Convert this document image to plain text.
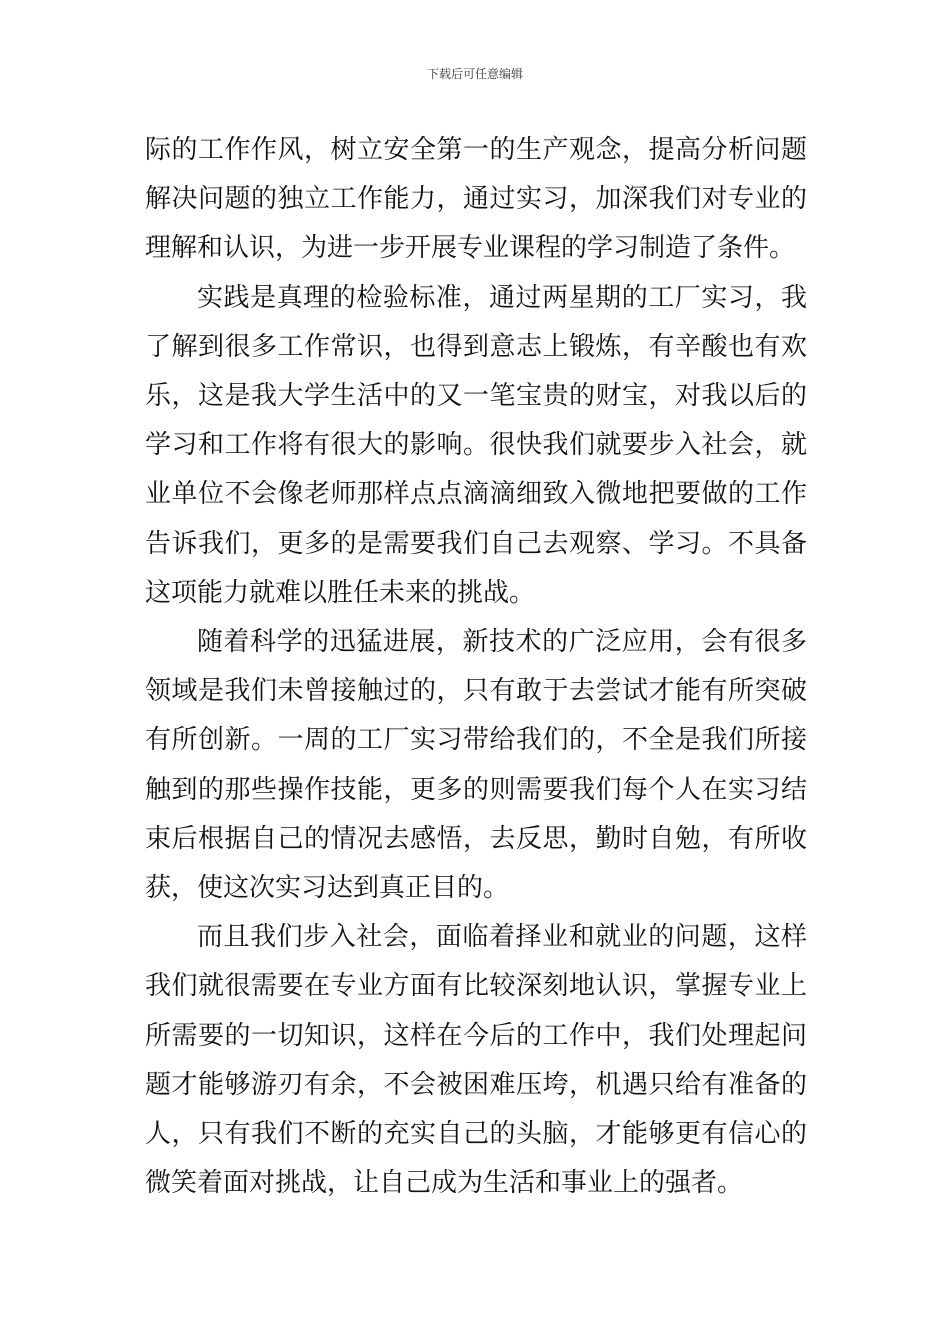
下载后可任意编辑

际的工作作风，树立安全第一的生产观念，提高分析问题解决问题的独立工作能力，通过实习，加深我们对专业的理解和认识，为进一步开展专业课程的学习制造了条件。

实践是真理的检验标准，通过两星期的工厂实习，我了解到很多工作常识，也得到意志上锻炼，有辛酸也有欢乐，这是我大学生活中的又一笔宝贵的财宝，对我以后的学习和工作将有很大的影响。很快我们就要步入社会，就业单位不会像老师那样点点滴滴细致入微地把要做的工作告诉我们，更多的是需要我们自己去观察、学习。不具备这项能力就难以胜任未来的挑战。

随着科学的迅猛进展，新技术的广泛应用，会有很多领域是我们未曾接触过的，只有敢于去尝试才能有所突破有所创新。一周的工厂实习带给我们的，不全是我们所接触到的那些操作技能，更多的则需要我们每个人在实习结束后根据自己的情况去感悟，去反思，勤时自勉，有所收获，使这次实习达到真正目的。

而且我们步入社会，面临着择业和就业的问题，这样我们就很需要在专业方面有比较深刻地认识，掌握专业上所需要的一切知识，这样在今后的工作中，我们处理起问题才能够游刃有余，不会被困难压垮，机遇只给有准备的人，只有我们不断的充实自己的头脑，才能够更有信心的微笑着面对挑战，让自己成为生活和事业上的强者。
